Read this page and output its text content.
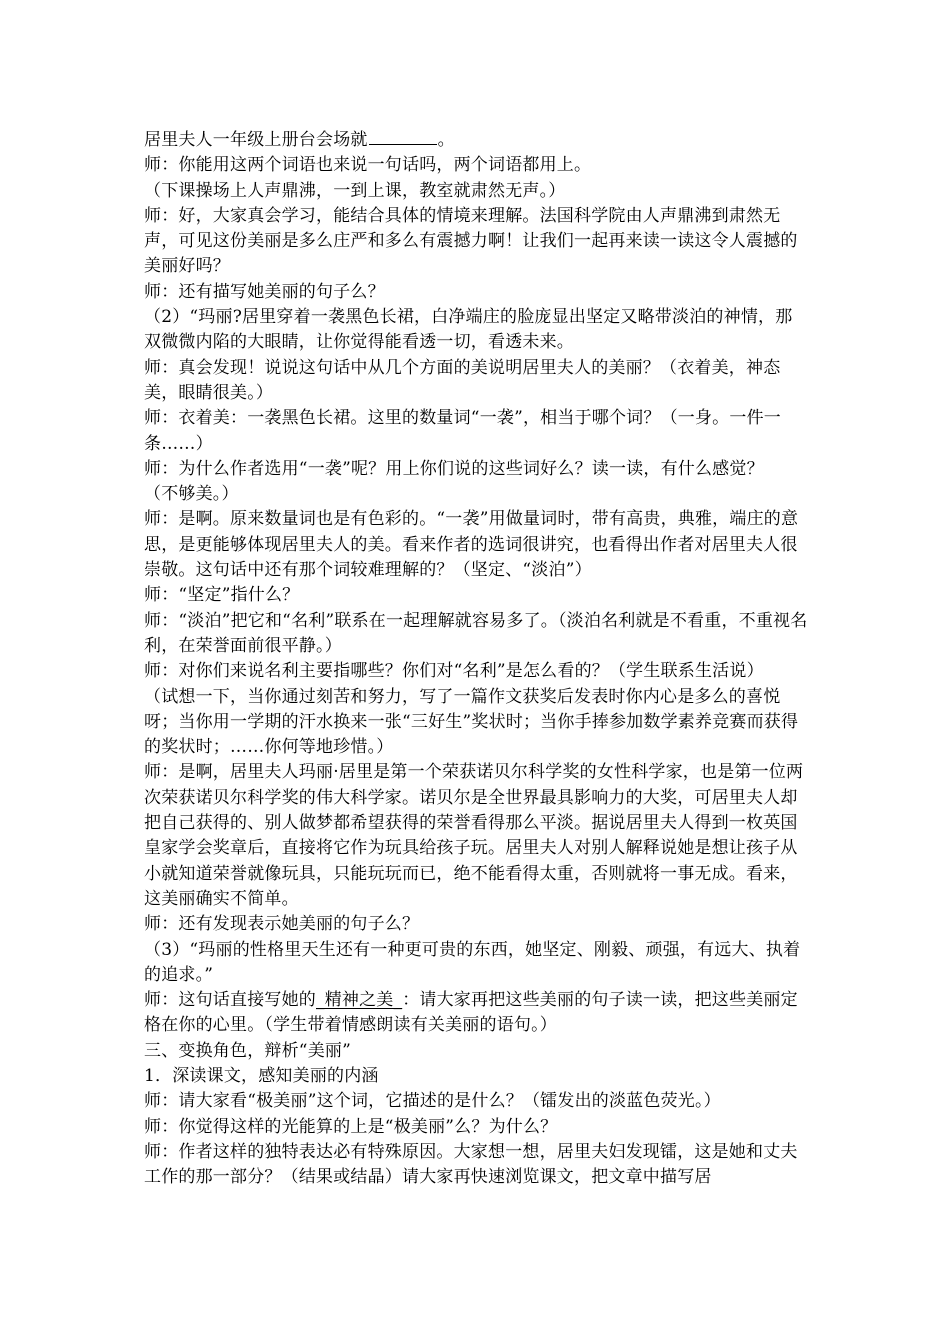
居里夫人一年级上册台会场就	。

师：你能用这两个词语也来说一句话吗，两个词语都用上。

（下课操场上人声鼎沸，一到上课，教室就肃然无声。）

师：好，大家真会学习，能结合具体的情境来理解。法国科学院由人声鼎沸到肃然无声，可见这份美丽是多么庄严和多么有震撼力啊！让我们一起再来读一读这令人震撼的美丽好吗？

师：还有描写她美丽的句子么？

（2）“玛丽?居里穿着一袭黑色长裙，白净端庄的脸庞显出坚定又略带淡泊的神情，那双微微内陷的大眼睛，让你觉得能看透一切，看透未来。

师：真会发现！说说这句话中从几个方面的美说明居里夫人的美丽？（衣着美，神态美，眼睛很美。）

师：衣着美：一袭黑色长裙。这里的数量词“一袭”，相当于哪个词？（一身。一件一条……）

师：为什么作者选用“一袭”呢？用上你们说的这些词好么？读一读，有什么感觉？

（不够美。）

师：是啊。原来数量词也是有色彩的。“一袭”用做量词时，带有高贵，典雅，端庄的意思，是更能够体现居里夫人的美。看来作者的选词很讲究，也看得出作者对居里夫人很崇敬。这句话中还有那个词较难理解的？（坚定、“淡泊”）

师：“坚定”指什么？

师：“淡泊”把它和“名利”联系在一起理解就容易多了。（淡泊名利就是不看重，不重视名利，在荣誉面前很平静。）

师：对你们来说名利主要指哪些？你们对“名利”是怎么看的？（学生联系生活说）

（试想一下，当你通过刻苦和努力，写了一篇作文获奖后发表时你内心是多么的喜悦呀；当你用一学期的汗水换来一张“三好生”奖状时；当你手捧参加数学素养竞赛而获得的奖状时；……你何等地珍惜。）

师：是啊，居里夫人玛丽·居里是第一个荣获诺贝尔科学奖的女性科学家，也是第一位两次荣获诺贝尔科学奖的伟大科学家。诺贝尔是全世界最具影响力的大奖，可居里夫人却把自己获得的、别人做梦都希望获得的荣誉看得那么平淡。据说居里夫人得到一枚英国皇家学会奖章后，直接将它作为玩具给孩子玩。居里夫人对别人解释说她是想让孩子从小就知道荣誉就像玩具，只能玩玩而已，绝不能看得太重，否则就将一事无成。看来，这美丽确实不简单。

师：还有发现表示她美丽的句子么？

（3）“玛丽的性格里天生还有一种更可贵的东西，她坚定、刚毅、顽强，有远大、执着的追求。”

师：这句话直接写她的_精神之美_：请大家再把这些美丽的句子读一读，把这些美丽定格在你的心里。（学生带着情感朗读有关美丽的语句。）

三、变换角色，辩析“美丽”

1．深读课文，感知美丽的内涵

师：请大家看“极美丽”这个词，它描述的是什么？（镭发出的淡蓝色荧光。）

师：你觉得这样的光能算的上是“极美丽”么？为什么？

师：作者这样的独特表达必有特殊原因。大家想一想，居里夫妇发现镭，这是她和丈夫工作的那一部分？（结果或结晶）请大家再快速浏览课文，把文章中描写居
